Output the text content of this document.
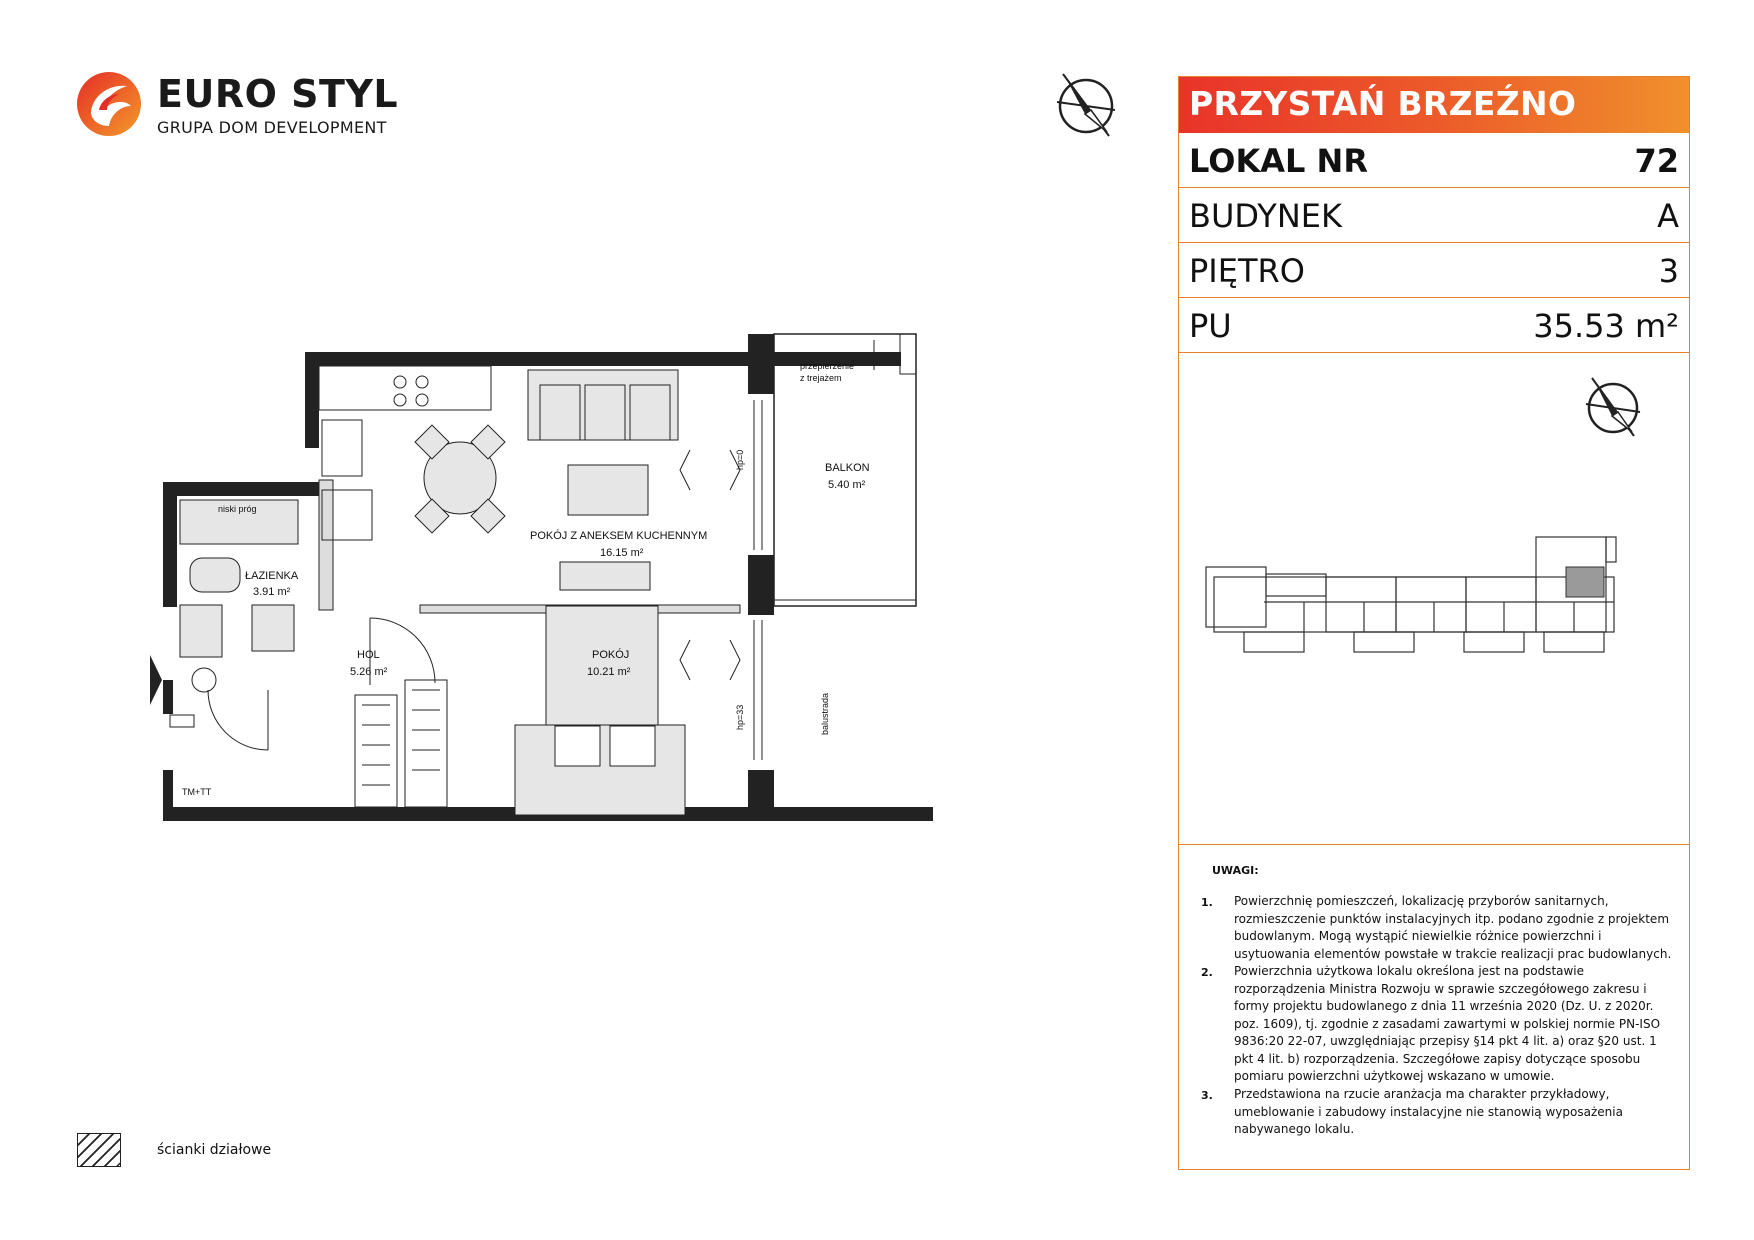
EURO STYL
GRUPA DOM DEVELOPMENT
POKÓJ Z ANEKSEM KUCHENNYM
16.15 m²
BALKON
5.40 m²
ŁAZIENKA
3.91 m²
HOL
5.26 m²
POKÓJ
10.21 m²
niski próg
przepierzenie
z trejażem
hp=0
hp=33	balustrada
TM+TT
PRZYSTAŃ BRZEŹNO
LOKAL NR	72
BUDYNEK	A
PIĘTRO	3
PU	35.53 m²
UWAGI:
1. Powierzchnię pomieszczeń, lokalizację przyborów sanitarnych, rozmieszczenie punktów instalacyjnych itp. podano zgodnie z projektem budowlanym. Mogą wystąpić niewielkie różnice powierzchni i usytuowania elementów powstałe w trakcie realizacji prac budowlanych.
2. Powierzchnia użytkowa lokalu określona jest na podstawie rozporządzenia Ministra Rozwoju w sprawie szczegółowego zakresu i formy projektu budowlanego z dnia 11 września 2020 (Dz. U. z 2020r. poz. 1609), tj. zgodnie z zasadami zawartymi w polskiej normie PN-ISO 9836:20 22-07, uwzględniając przepisy §14 pkt 4 lit. a) oraz §20 ust. 1 pkt 4 lit. b) rozporządzenia. Szczegółowe zapisy dotyczące sposobu pomiaru powierzchni użytkowej wskazano w umowie.
3. Przedstawiona na rzucie aranżacja ma charakter przykładowy, umeblowanie i zabudowy instalacyjne nie stanowią wyposażenia nabywanego lokalu.
ścianki działowe
